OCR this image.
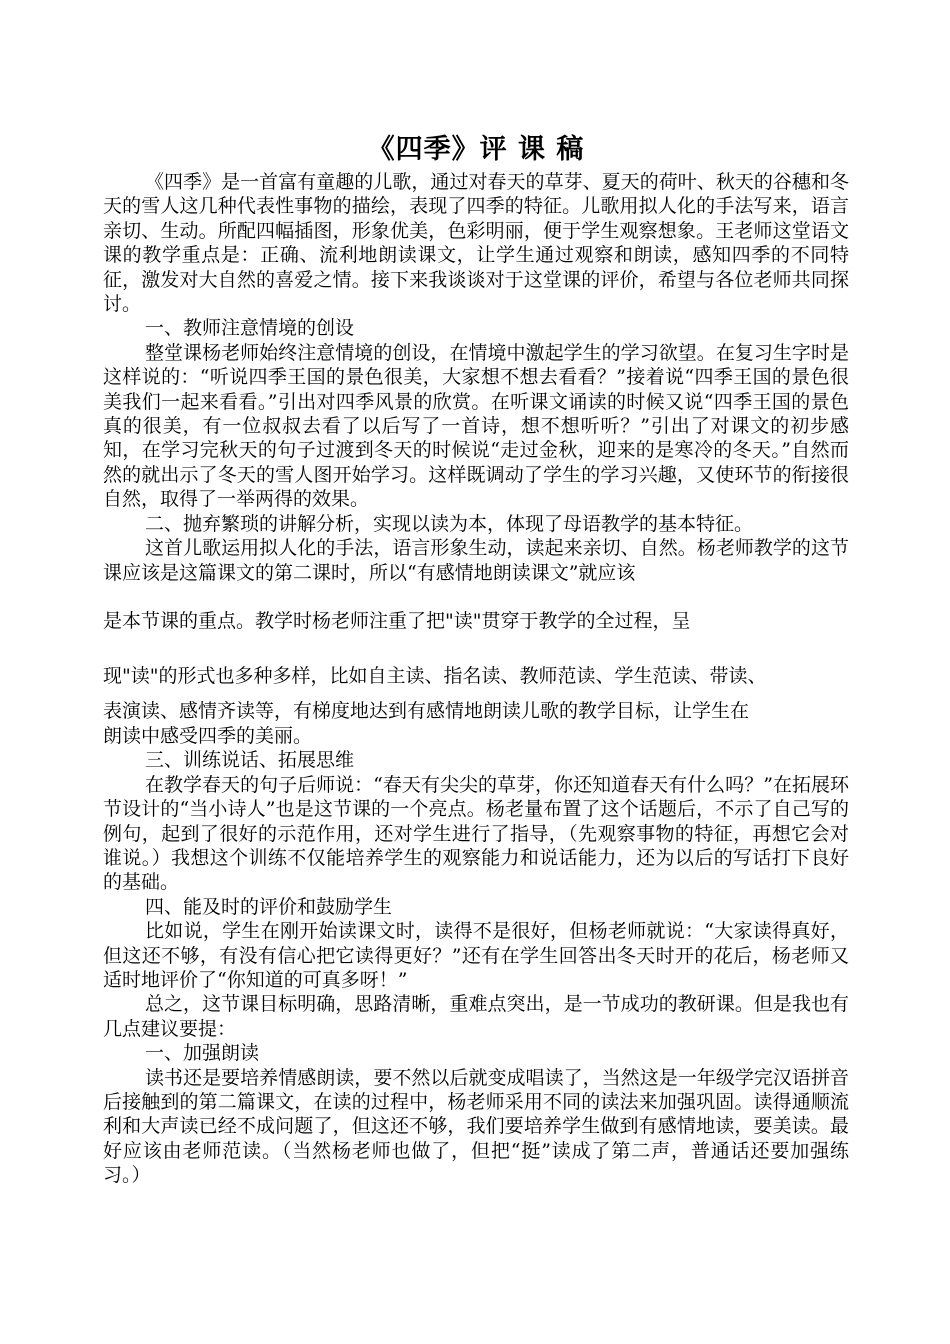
《四季》评 课 稿

《四季》是一首富有童趣的儿歌，通过对春天的草芽、夏天的荷叶、秋天的谷穗和冬天的雪人这几种代表性事物的描绘，表现了四季的特征。儿歌用拟人化的手法写来，语言亲切、生动。所配四幅插图，形象优美，色彩明丽，便于学生观察想象。王老师这堂语文课的教学重点是：正确、流利地朗读课文，让学生通过观察和朗读，感知四季的不同特征，激发对大自然的喜爱之情。接下来我谈谈对于这堂课的评价，希望与各位老师共同探讨。

一、教师注意情境的创设

整堂课杨老师始终注意情境的创设，在情境中激起学生的学习欲望。在复习生字时是这样说的：“听说四季王国的景色很美，大家想不想去看看？”接着说“四季王国的景色很美我们一起来看看。”引出对四季风景的欣赏。在听课文诵读的时候又说“四季王国的景色真的很美，有一位叔叔去看了以后写了一首诗，想不想听听？”引出了对课文的初步感知，在学习完秋天的句子过渡到冬天的时候说“走过金秋，迎来的是寒冷的冬天。”自然而然的就出示了冬天的雪人图开始学习。这样既调动了学生的学习兴趣，又使环节的衔接很自然，取得了一举两得的效果。

二、抛弃繁琐的讲解分析，实现以读为本，体现了母语教学的基本特征。

这首儿歌运用拟人化的手法，语言形象生动，读起来亲切、自然。杨老师教学的这节课应该是这篇课文的第二课时，所以“有感情地朗读课文”就应该

是本节课的重点。教学时杨老师注重了把"读"贯穿于教学的全过程，呈

现"读"的形式也多种多样，比如自主读、指名读、教师范读、学生范读、带读、

表演读、感情齐读等，有梯度地达到有感情地朗读儿歌的教学目标，让学生在

朗读中感受四季的美丽。

三、训练说话、拓展思维

在教学春天的句子后师说：“春天有尖尖的草芽，你还知道春天有什么吗？”在拓展环节设计的“当小诗人”也是这节课的一个亮点。杨老量布置了这个话题后，不示了自己写的例句，起到了很好的示范作用，还对学生进行了指导，（先观察事物的特征，再想它会对谁说。）我想这个训练不仅能培养学生的观察能力和说话能力，还为以后的写话打下良好的基础。

四、能及时的评价和鼓励学生

比如说，学生在刚开始读课文时，读得不是很好，但杨老师就说：“大家读得真好，但这还不够，有没有信心把它读得更好？”还有在学生回答出冬天时开的花后，杨老师又适时地评价了“你知道的可真多呀！”

总之，这节课目标明确，思路清晰，重难点突出，是一节成功的教研课。但是我也有几点建议要提：

一、加强朗读

读书还是要培养情感朗读，要不然以后就变成唱读了，当然这是一年级学完汉语拼音后接触到的第二篇课文，在读的过程中，杨老师采用不同的读法来加强巩固。读得通顺流利和大声读已经不成问题了，但这还不够，我们要培养学生做到有感情地读，要美读。最好应该由老师范读。（当然杨老师也做了，但把“挺”读成了第二声，普通话还要加强练习。）
